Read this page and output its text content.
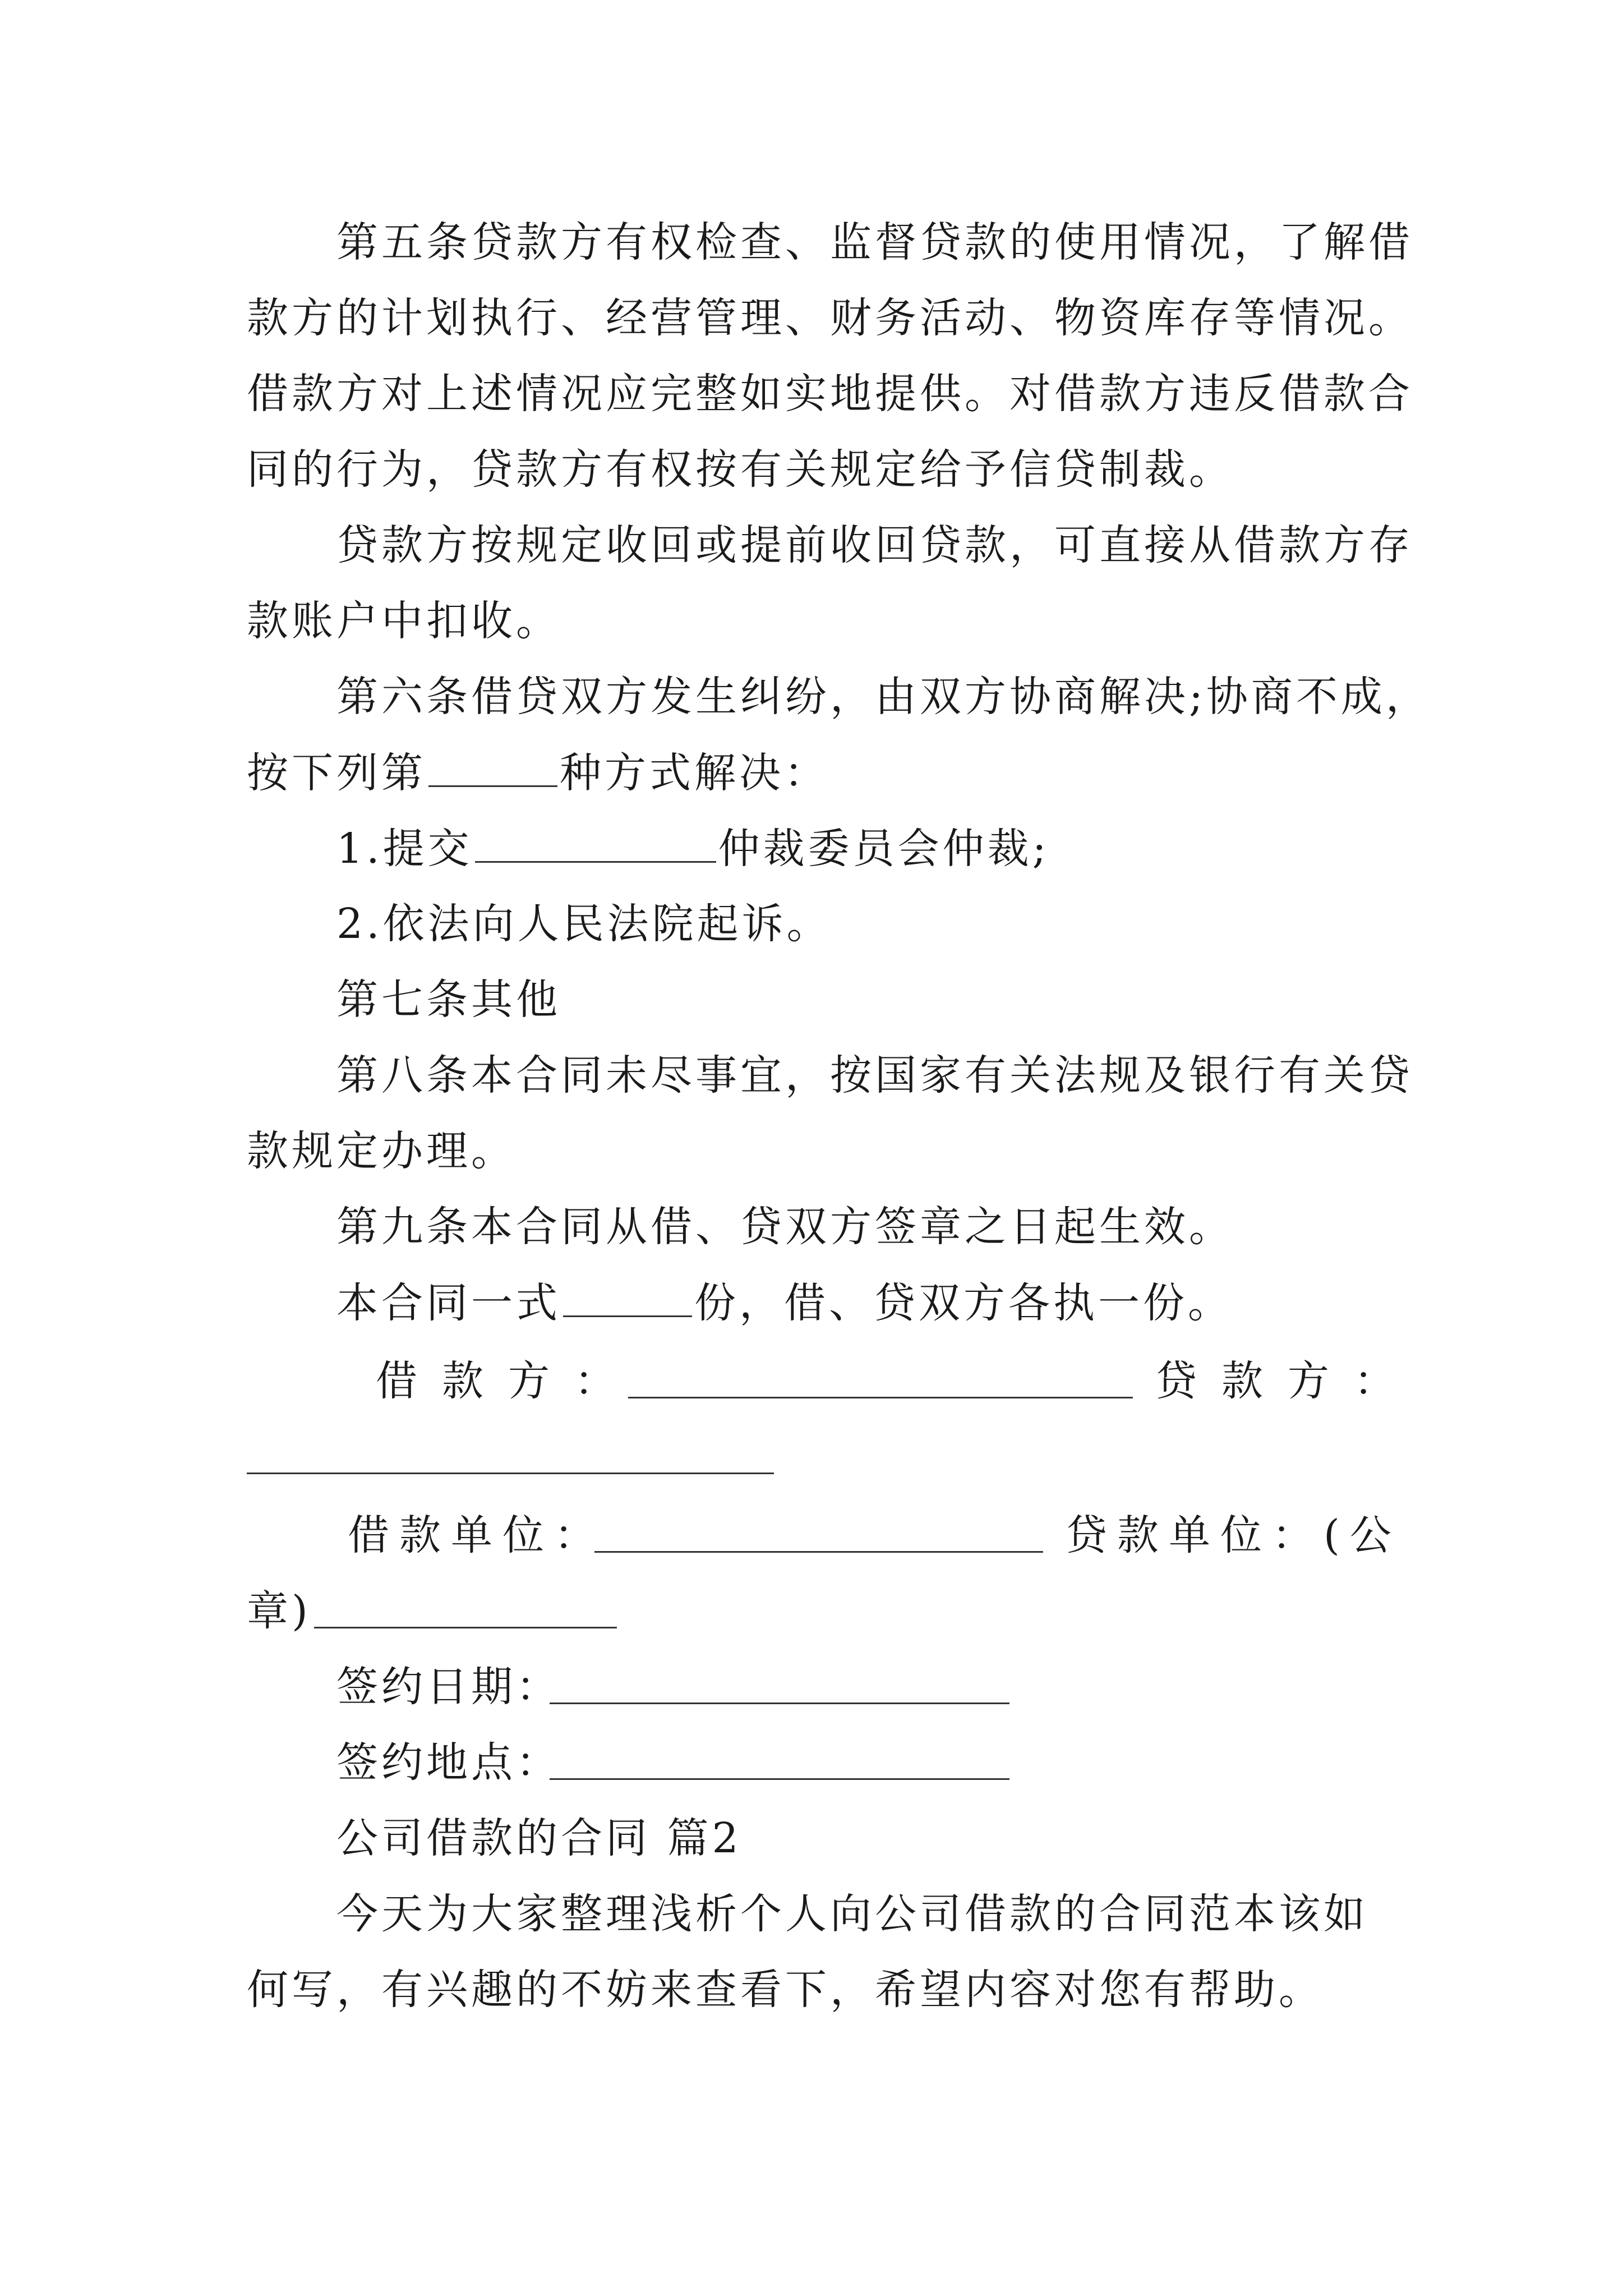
第五条贷款方有权检查、监督贷款的使用情况，了解借
款方的计划执行、经营管理、财务活动、物资库存等情况。
借款方对上述情况应完整如实地提供。对借款方违反借款合
同的行为，贷款方有权按有关规定给予信贷制裁。
贷款方按规定收回或提前收回贷款，可直接从借款方存
款账户中扣收。
第六条借贷双方发生纠纷，由双方协商解决;协商不成，
按下列第	种方式解决：
1.提交	仲裁委员会仲裁;
2.依法向人民法院起诉。
第七条其他
第八条本合同未尽事宜，按国家有关法规及银行有关贷
款规定办理。
第九条本合同从借、贷双方签章之日起生效。
本合同一式	份，借、贷双方各执一份。
借款方：	贷款方：
借款单位：	贷款单位：(公
章)
签约日期：
签约地点：
公司借款的合同 篇2
今天为大家整理浅析个人向公司借款的合同范本该如
何写，有兴趣的不妨来查看下，希望内容对您有帮助。
